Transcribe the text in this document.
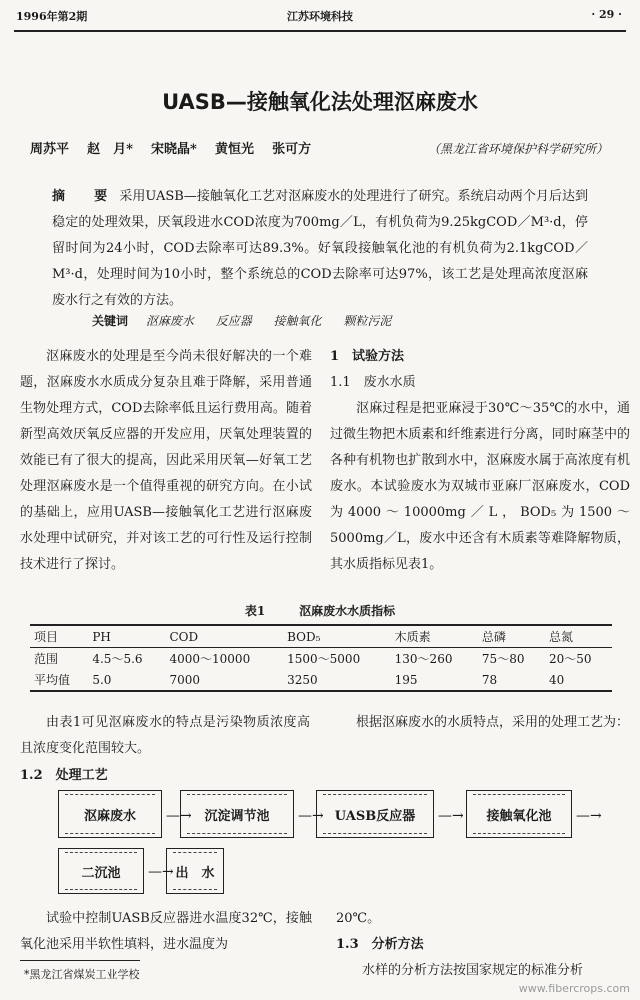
1996年第2期	江苏环境科技	· 29 ·
UASB—接触氧化法处理沤麻废水
周苏平 赵　月* 宋晓晶* 黄恒光 张可方	（黑龙江省环境保护科学研究所）
摘　要 采用UASB—接触氧化工艺对沤麻废水的处理进行了研究。系统启动两个月后达到稳定的处理效果，厌氧段进水COD浓度为700mg／L，有机负荷为9.25kgCOD／M³·d，停留时间为24小时，COD去除率可达89.3%。好氧段接触氧化池的有机负荷为2.1kgCOD／M³·d，处理时间为10小时，整个系统总的COD去除率可达97%，该工艺是处理高浓度沤麻废水行之有效的方法。
关键词 沤麻废水 反应器 接触氧化 颗粒污泥
沤麻废水的处理是至今尚未很好解决的一个难题，沤麻废水水质成分复杂且难于降解，采用普通生物处理方式，COD去除率低且运行费用高。随着新型高效厌氧反应器的开发应用，厌氧处理装置的效能已有了很大的提高，因此采用厌氧—好氧工艺处理沤麻废水是一个值得重视的研究方向。在小试的基础上，应用UASB—接触氧化工艺进行沤麻废水处理中试研究，并对该工艺的可行性及运行控制技术进行了探讨。
1　试验方法
1.1　废水水质
沤麻过程是把亚麻浸于30℃～35℃的水中，通过微生物把木质素和纤维素进行分离，同时麻茎中的各种有机物也扩散到水中，沤麻废水属于高浓度有机废水。本试验废水为双城市亚麻厂沤麻废水，COD为4000～10000mg／L，BOD₅为1500～5000mg／L，废水中还含有木质素等难降解物质，其水质指标见表1。
表1	沤麻废水水质指标
项目	PH	COD	BOD₅	木质素	总磷	总氮
范围	4.5～5.6	4000～10000	1500～5000	130～260	75～80	20～50
平均值	5.0	7000	3250	195	78	40
由表1可见沤麻废水的特点是污染物质浓度高且浓度变化范围较大。
根据沤麻废水的水质特点，采用的处理工艺为：
1.2　处理工艺
沤麻废水	—→ 沉淀调节池	—→ UASB反应器	—→	接触氧化池	—→
二沉池	—→ 出　水
试验中控制UASB反应器进水温度32℃，接触氧化池采用半软性填料，进水温度为
20℃。
1.3　分析方法
水样的分析方法按国家规定的标准分析
*黑龙江省煤炭工业学校
www.fibercrops.com
